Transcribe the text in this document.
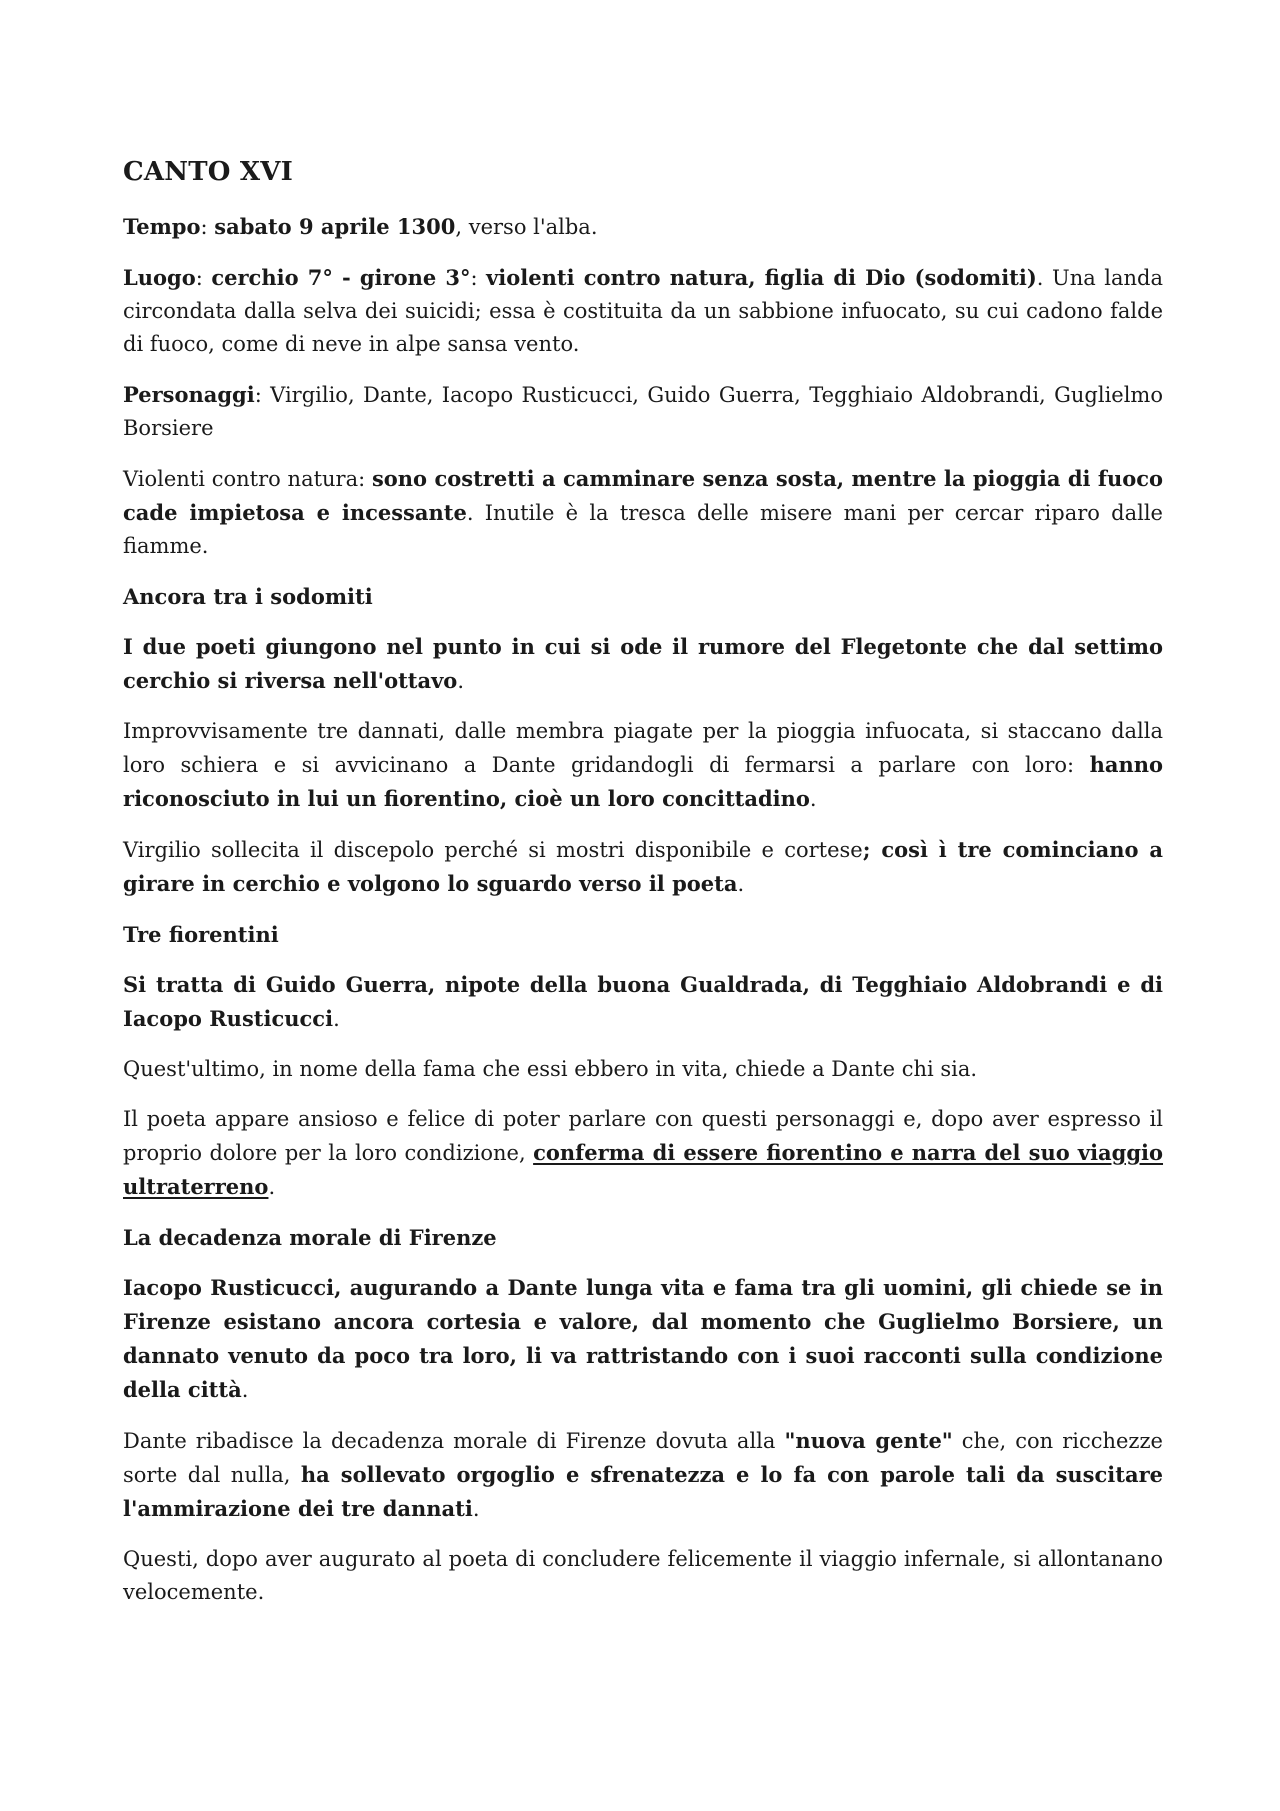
CANTO XVI

Tempo: sabato 9 aprile 1300, verso l'alba.

Luogo: cerchio 7° - girone 3°: violenti contro natura, figlia di Dio (sodomiti). Una landa circondata dalla selva dei suicidi; essa è costituita da un sabbione infuocato, su cui cadono falde di fuoco, come di neve in alpe sansa vento.

Personaggi: Virgilio, Dante, Iacopo Rusticucci, Guido Guerra, Tegghiaio Aldobrandi, Guglielmo Borsiere

Violenti contro natura: sono costretti a camminare senza sosta, mentre la pioggia di fuoco cade impietosa e incessante. Inutile è la tresca delle misere mani per cercar riparo dalle fiamme.

Ancora tra i sodomiti

I due poeti giungono nel punto in cui si ode il rumore del Flegetonte che dal settimo cerchio si riversa nell'ottavo.

Improvvisamente tre dannati, dalle membra piagate per la pioggia infuocata, si staccano dalla loro schiera e si avvicinano a Dante gridandogli di fermarsi a parlare con loro: hanno riconosciuto in lui un fiorentino, cioè un loro concittadino.

Virgilio sollecita il discepolo perché si mostri disponibile e cortese; così ì tre cominciano a girare in cerchio e volgono lo sguardo verso il poeta.

Tre fiorentini

Si tratta di Guido Guerra, nipote della buona Gualdrada, di Tegghiaio Aldobrandi e di Iacopo Rusticucci.

Quest'ultimo, in nome della fama che essi ebbero in vita, chiede a Dante chi sia.

Il poeta appare ansioso e felice di poter parlare con questi personaggi e, dopo aver espresso il proprio dolore per la loro condizione, conferma di essere fiorentino e narra del suo viaggio ultraterreno.

La decadenza morale di Firenze

Iacopo Rusticucci, augurando a Dante lunga vita e fama tra gli uomini, gli chiede se in Firenze esistano ancora cortesia e valore, dal momento che Guglielmo Borsiere, un dannato venuto da poco tra loro, li va rattristando con i suoi racconti sulla condizione della città.

Dante ribadisce la decadenza morale di Firenze dovuta alla "nuova gente" che, con ricchezze sorte dal nulla, ha sollevato orgoglio e sfrenatezza e lo fa con parole tali da suscitare l'ammirazione dei tre dannati.

Questi, dopo aver augurato al poeta di concludere felicemente il viaggio infernale, si allontanano velocemente.
